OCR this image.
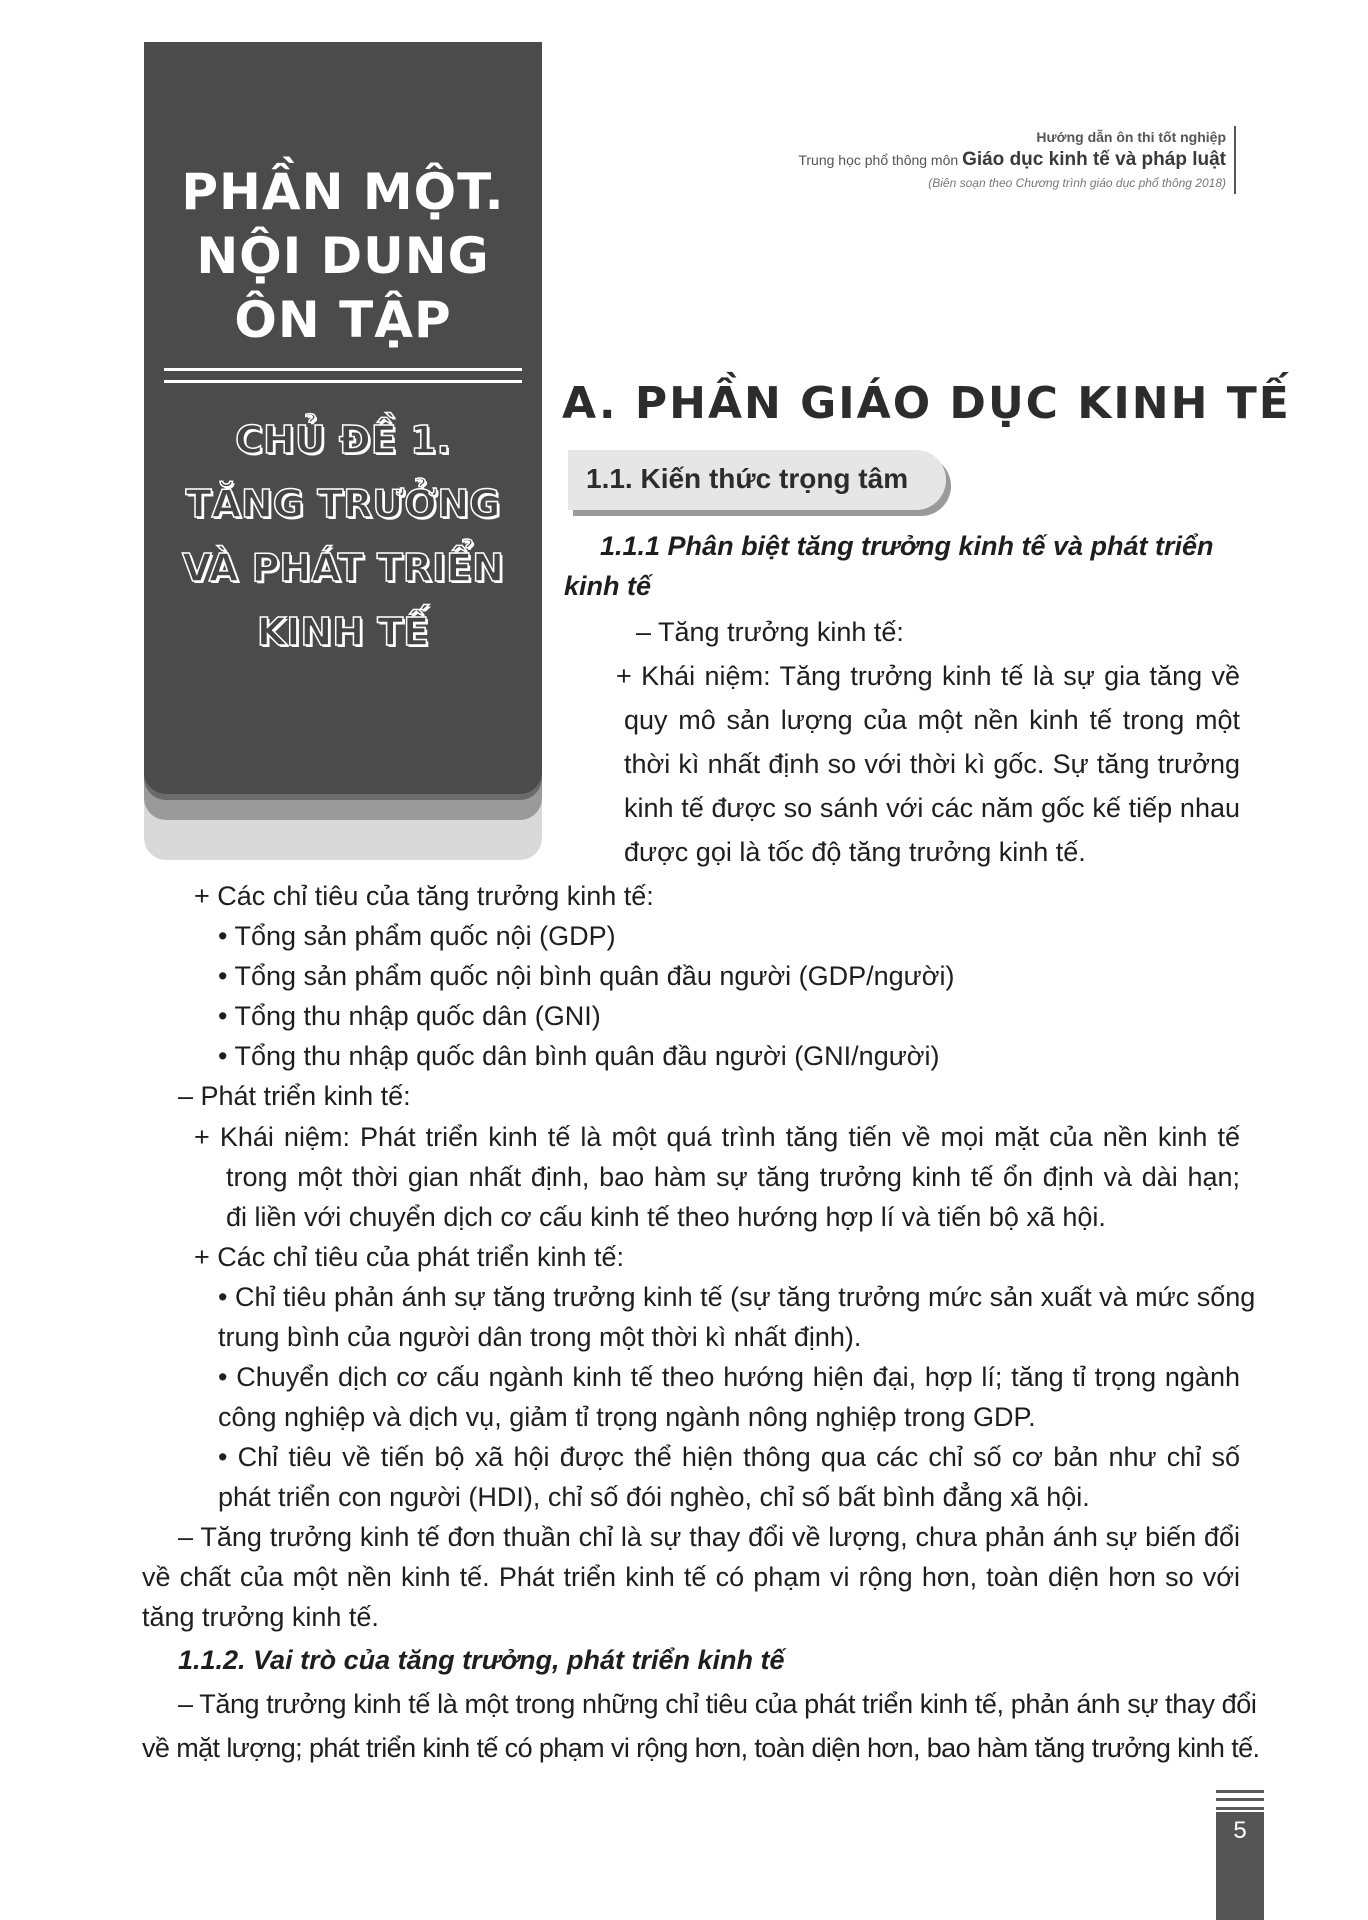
Hướng dẫn ôn thi tốt nghiệp
Trung học phổ thông môn Giáo dục kinh tế và pháp luật
(Biên soạn theo Chương trình giáo dục phổ thông 2018)
PHẦN MỘT.
NỘI DUNG
ÔN TẬP
CHỦ ĐỀ 1.
TĂNG TRƯỞNG
VÀ PHÁT TRIỂN
KINH TẾ
A. PHẦN GIÁO DỤC KINH TẾ
1.1. Kiến thức trọng tâm
1.1.1 Phân biệt tăng trưởng kinh tế và phát triển
kinh tế
– Tăng trưởng kinh tế:
+ Khái niệm: Tăng trưởng kinh tế là sự gia tăng về
quy mô sản lượng của một nền kinh tế trong một
thời kì nhất định so với thời kì gốc. Sự tăng trưởng
kinh tế được so sánh với các năm gốc kế tiếp nhau
được gọi là tốc độ tăng trưởng kinh tế.
+ Các chỉ tiêu của tăng trưởng kinh tế:
• Tổng sản phẩm quốc nội (GDP)
• Tổng sản phẩm quốc nội bình quân đầu người (GDP/người)
• Tổng thu nhập quốc dân (GNI)
• Tổng thu nhập quốc dân bình quân đầu người (GNI/người)
– Phát triển kinh tế:
+ Khái niệm: Phát triển kinh tế là một quá trình tăng tiến về mọi mặt của nền kinh tế
trong một thời gian nhất định, bao hàm sự tăng trưởng kinh tế ổn định và dài hạn;
đi liền với chuyển dịch cơ cấu kinh tế theo hướng hợp lí và tiến bộ xã hội.
+ Các chỉ tiêu của phát triển kinh tế:
• Chỉ tiêu phản ánh sự tăng trưởng kinh tế (sự tăng trưởng mức sản xuất và mức sống
trung bình của người dân trong một thời kì nhất định).
• Chuyển dịch cơ cấu ngành kinh tế theo hướng hiện đại, hợp lí; tăng tỉ trọng ngành
công nghiệp và dịch vụ, giảm tỉ trọng ngành nông nghiệp trong GDP.
• Chỉ tiêu về tiến bộ xã hội được thể hiện thông qua các chỉ số cơ bản như chỉ số
phát triển con người (HDI), chỉ số đói nghèo, chỉ số bất bình đẳng xã hội.
– Tăng trưởng kinh tế đơn thuần chỉ là sự thay đổi về lượng, chưa phản ánh sự biến đổi
về chất của một nền kinh tế. Phát triển kinh tế có phạm vi rộng hơn, toàn diện hơn so với
tăng trưởng kinh tế.
1.1.2. Vai trò của tăng trưởng, phát triển kinh tế
– Tăng trưởng kinh tế là một trong những chỉ tiêu của phát triển kinh tế, phản ánh sự thay đổi
về mặt lượng; phát triển kinh tế có phạm vi rộng hơn, toàn diện hơn, bao hàm tăng trưởng kinh tế.
5
